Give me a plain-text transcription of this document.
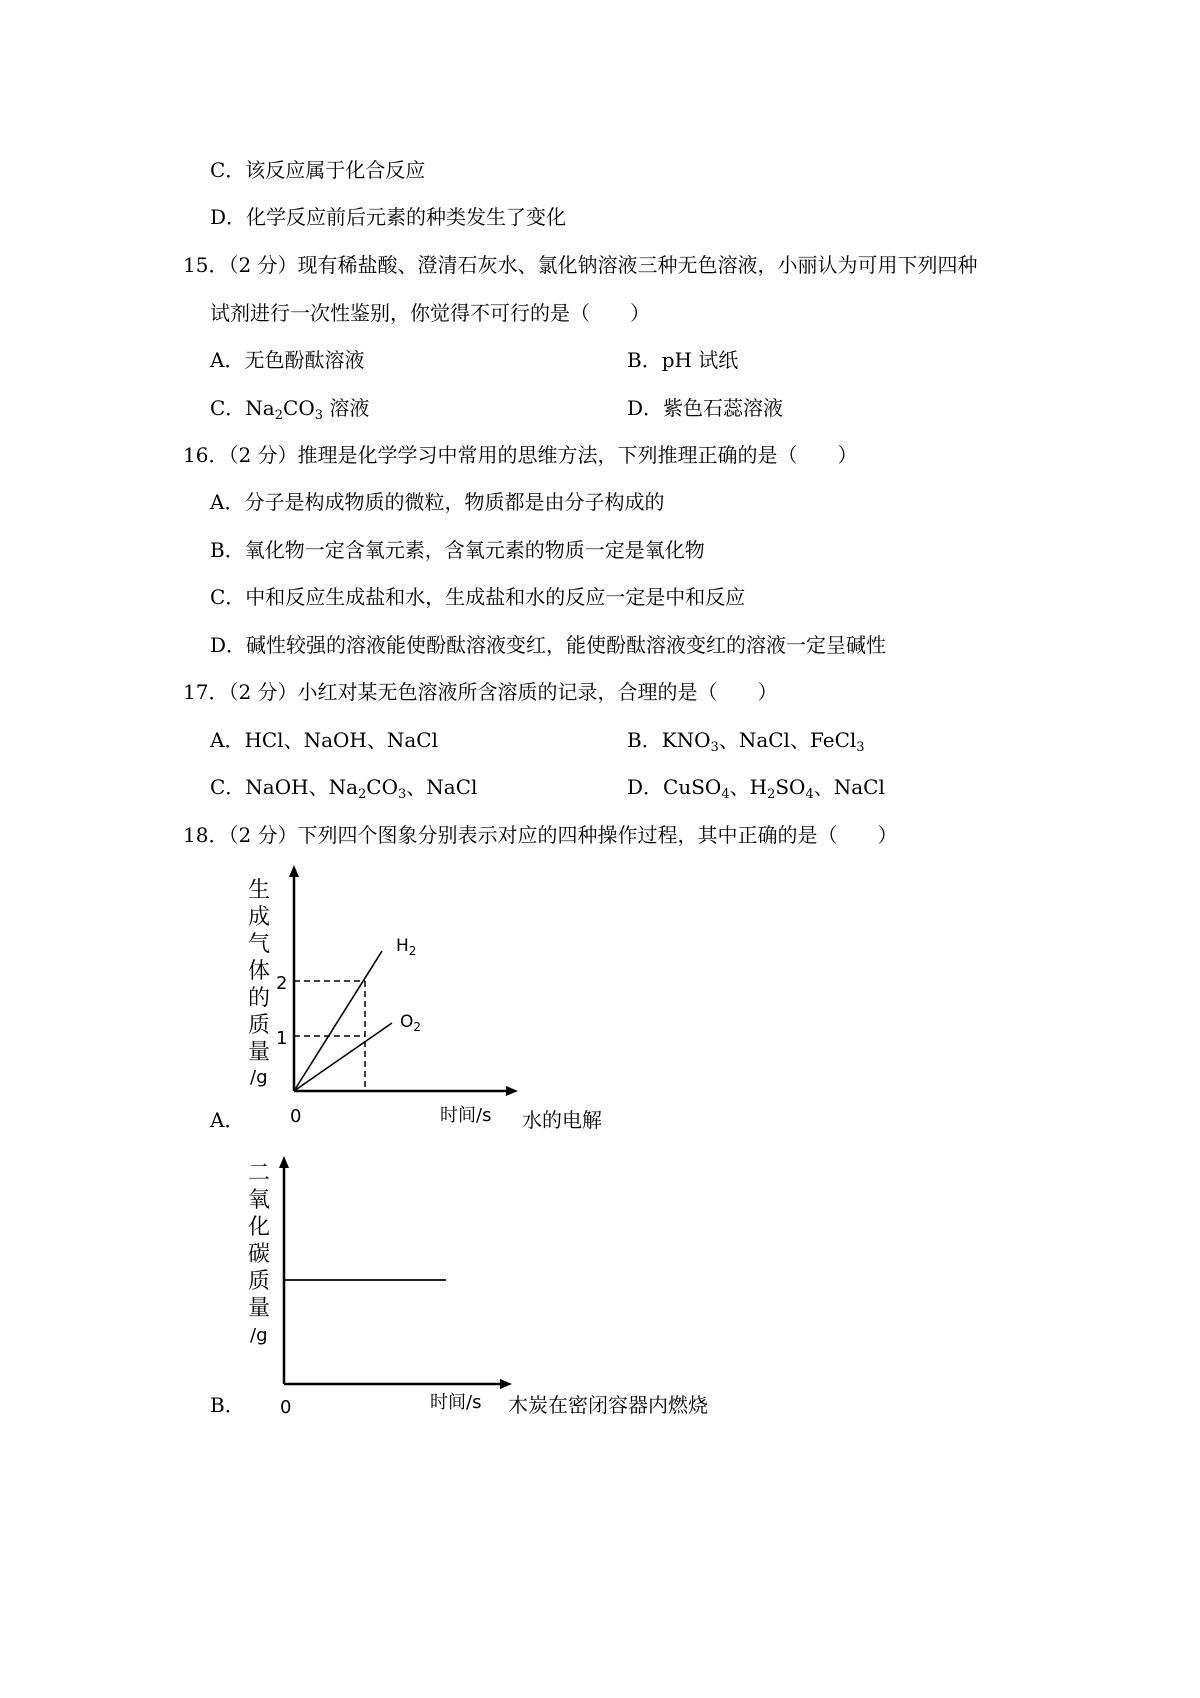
C．该反应属于化合反应
D．化学反应前后元素的种类发生了变化
15．（2 分）现有稀盐酸、澄清石灰水、氯化钠溶液三种无色溶液，小丽认为可用下列四种
试剂进行一次性鉴别，你觉得不可行的是（　　）
A．无色酚酞溶液	B．pH 试纸
C．$Na_2CO_3$ 溶液	D．紫色石蕊溶液
16．（2 分）推理是化学学习中常用的思维方法，下列推理正确的是（　　）
A．分子是构成物质的微粒，物质都是由分子构成的
B．氧化物一定含氧元素，含氧元素的物质一定是氧化物
C．中和反应生成盐和水，生成盐和水的反应一定是中和反应
D．碱性较强的溶液能使酚酞溶液变红，能使酚酞溶液变红的溶液一定呈碱性
17．（2 分）小红对某无色溶液所含溶质的记录，合理的是（　　）
A．HCl、NaOH、NaCl	B．$KNO_3$、NaCl、FeCl$_3$
C．NaOH、$Na_2CO_3$、NaCl	D．CuSO$_4$、$H_2SO_4$、NaCl
18．（2 分）下列四个图象分别表示对应的四种操作过程，其中正确的是（　　）
A．
生
成
气
体
的
质
量
/g
0	时间/s
2
1
$H_2$
$O_2$
水的电解
B．
二
氧
化
碳
质
量
/g
0	时间/s 木炭在密闭容器内燃烧
